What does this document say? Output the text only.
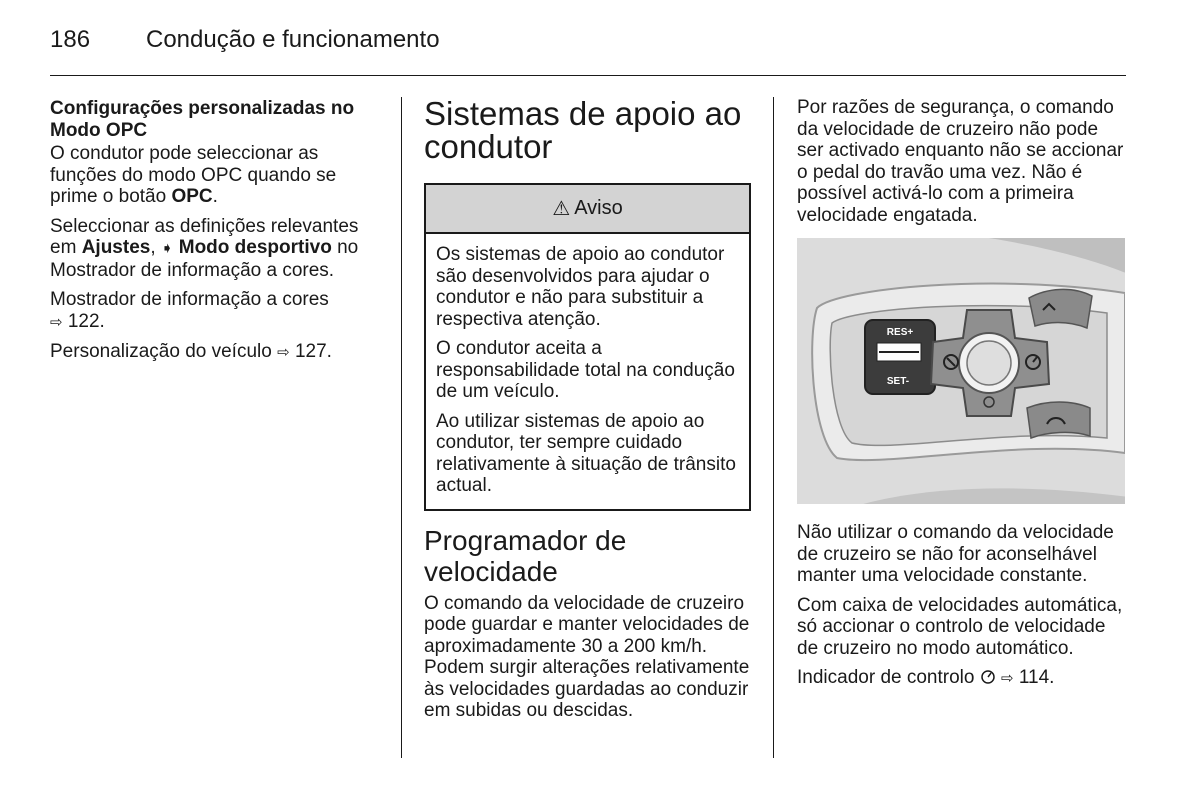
186 Condução e funcionamento

Configurações personalizadas no Modo OPC

O condutor pode seleccionar as funções do modo OPC quando se prime o botão OPC.

Seleccionar as definições relevantes em Ajustes, ➧ Modo desportivo no Mostrador de informação a cores.

Mostrador de informação a cores
⇨ 122.

Personalização do veículo ⇨ 127.

Sistemas de apoio ao condutor
⚠ Aviso

Os sistemas de apoio ao condutor são desenvolvidos para ajudar o condutor e não para substituir a respectiva atenção.

O condutor aceita a responsabilidade total na condução de um veículo.

Ao utilizar sistemas de apoio ao condutor, ter sempre cuidado relativamente à situação de trânsito actual.

Programador de velocidade

O comando da velocidade de cruzeiro pode guardar e manter velocidades de aproximadamente 30 a 200 km/h. Podem surgir alterações relativamente às velocidades guardadas ao conduzir em subidas ou descidas.

Por razões de segurança, o comando da velocidade de cruzeiro não pode ser activado enquanto não se accionar o pedal do travão uma vez. Não é possível activá-lo com a primeira velocidade engatada.

RES+
SET-

Não utilizar o comando da velocidade de cruzeiro se não for aconselhável manter uma velocidade constante.

Com caixa de velocidades automática, só accionar o controlo de velocidade de cruzeiro no modo automático.

Indicador de controlo  ⇨ 114.
